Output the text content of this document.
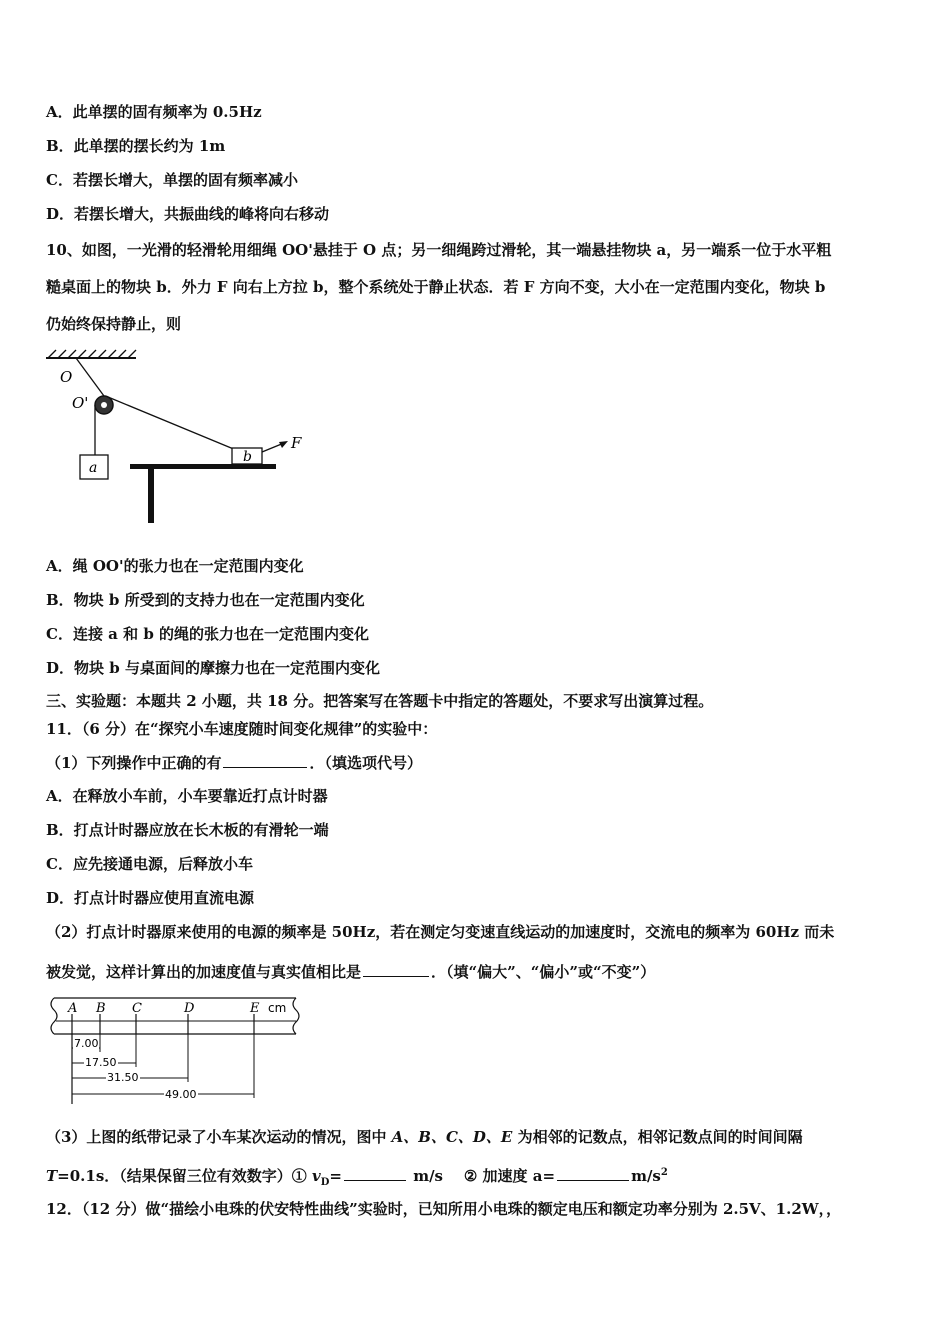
A．此单摆的固有频率为 0.5Hz
B．此单摆的摆长约为 1m
C．若摆长增大，单摆的固有频率减小
D．若摆长增大，共振曲线的峰将向右移动
10、如图，一光滑的轻滑轮用细绳 OO'悬挂于 O 点；另一细绳跨过滑轮，其一端悬挂物块 a，另一端系一位于水平粗
糙桌面上的物块 b．外力 F 向右上方拉 b，整个系统处于静止状态．若 F 方向不变，大小在一定范围内变化，物块 b
仍始终保持静止，则
O
O'
a
b
F
A．绳 OO'的张力也在一定范围内变化
B．物块 b 所受到的支持力也在一定范围内变化
C．连接 a 和 b 的绳的张力也在一定范围内变化
D．物块 b 与桌面间的摩擦力也在一定范围内变化
三、实验题：本题共 2 小题，共 18 分。把答案写在答题卡中指定的答题处，不要求写出演算过程。
11．（6 分）在“探究小车速度随时间变化规律”的实验中：
（1）下列操作中正确的有	．（填选项代号）
A．在释放小车前，小车要靠近打点计时器
B．打点计时器应放在长木板的有滑轮一端
C．应先接通电源，后释放小车
D．打点计时器应使用直流电源
（2）打点计时器原来使用的电源的频率是 50Hz，若在测定匀变速直线运动的加速度时，交流电的频率为 60Hz 而未
被发觉，这样计算出的加速度值与真实值相比是	．（填“偏大”、“偏小”或“不变”）
A B C	D	E cm
7.00
17.50
31.50
49.00
（3）上图的纸带记录了小车某次运动的情况，图中 A、B、C、D、E 为相邻的记数点，相邻记数点间的时间间隔
T=0.1s．（结果保留三位有效数字）① $v_D=$	m/s    ② 加速度 a=	$m/s^2$
12．（12 分）做“描绘小电珠的伏安特性曲线”实验时，已知所用小电珠的额定电压和额定功率分别为 2.5V、1.2W，，
